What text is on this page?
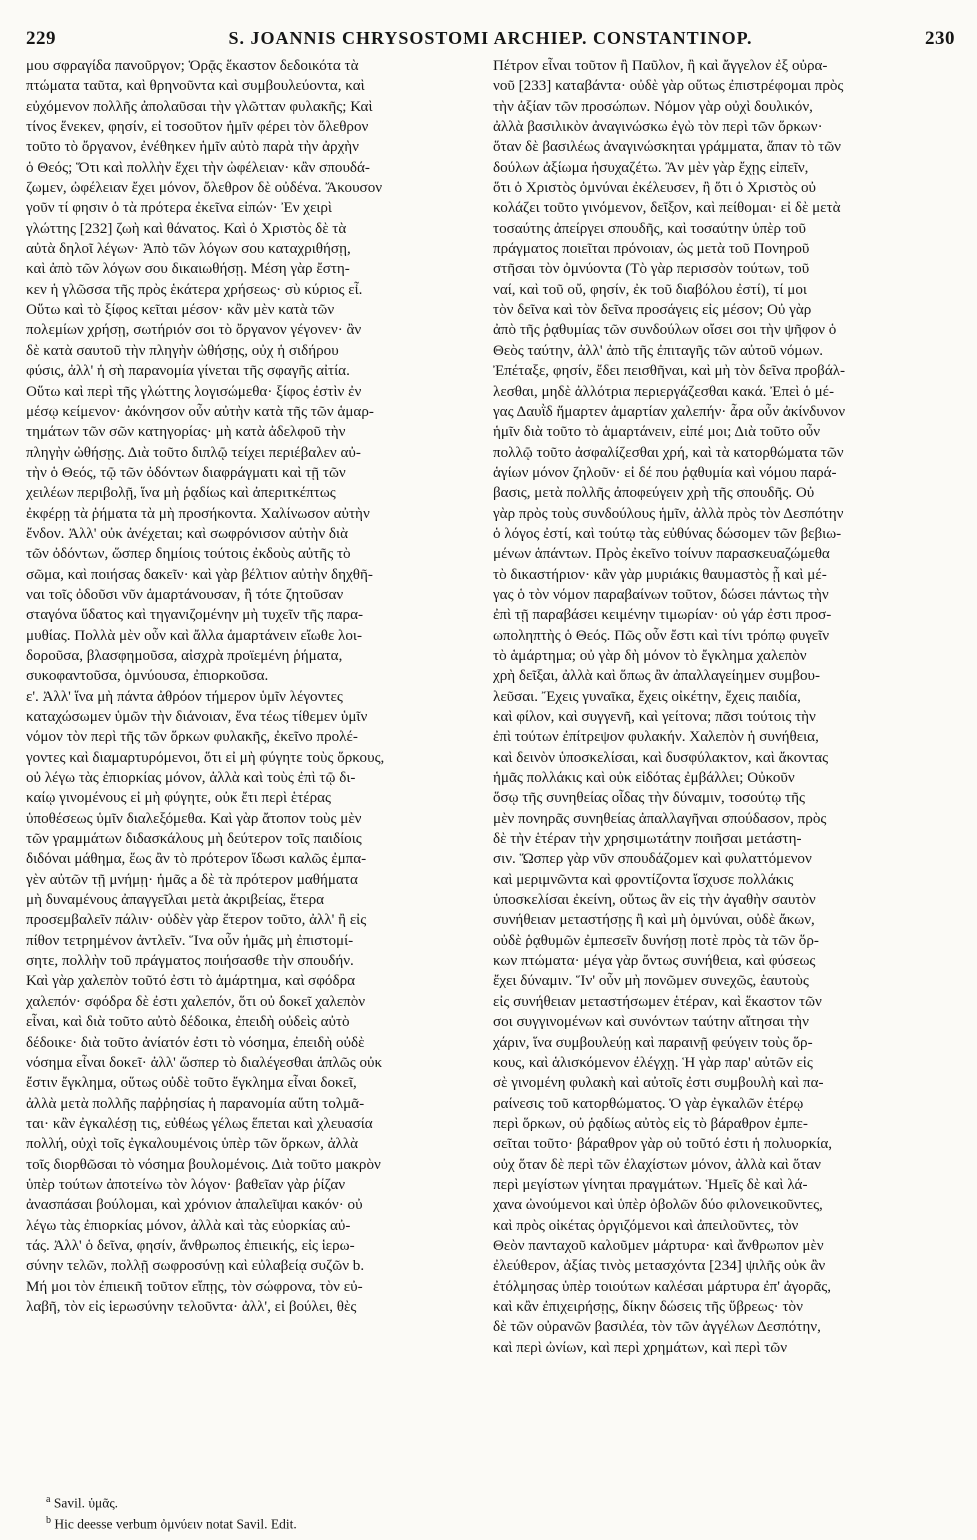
229	S. JOANNIS CHRYSOSTOMI ARCHIEP. CONSTANTINOP.	230
μου σφραγίδα πανοῦργον; Ὁρᾷς ἕκαστον δεδοικότα τὰ
πτώματα ταῦτα, καὶ θρηνοῦντα καὶ συμβουλεύοντα, καὶ
εὐχόμενον πολλῆς ἀπολαῦσαι τὴν γλῶτταν φυλακῆς; Καὶ
τίνος ἕνεκεν, φησίν, εἰ τοσοῦτον ἡμῖν φέρει τὸν ὄλεθρον
τοῦτο τὸ ὄργανον, ἐνέθηκεν ἡμῖν αὐτὸ παρὰ τὴν ἀρχὴν
ὁ Θεός; Ὅτι καὶ πολλὴν ἔχει τὴν ὠφέλειαν· κἂν σπουδά-
ζωμεν, ὠφέλειαν ἔχει μόνον, ὄλεθρον δὲ οὐδένα. Ἄκουσον
γοῦν τί φησιν ὁ τὰ πρότερα ἐκεῖνα εἰπών· Ἐν χειρὶ
γλώττης [232] ζωὴ καὶ θάνατος. Καὶ ὁ Χριστὸς δὲ τὰ
αὐτὰ δηλοῖ λέγων· Ἀπὸ τῶν λόγων σου καταχριθήσῃ,
καὶ ἀπὸ τῶν λόγων σου δικαιωθήσῃ. Μέση γὰρ ἔστη-
κεν ἡ γλῶσσα τῆς πρὸς ἑκάτερα χρήσεως· σὺ κύριος εἶ.
Οὕτω καὶ τὸ ξίφος κεῖται μέσον· κἂν μὲν κατὰ τῶν
πολεμίων χρήσῃ, σωτήριόν σοι τὸ ὄργανον γέγονεν· ἂν
δὲ κατὰ σαυτοῦ τὴν πληγὴν ὠθήσῃς, οὐχ ἡ σιδήρου
φύσις, ἀλλ' ἡ σὴ παρανομία γίνεται τῆς σφαγῆς αἰτία.
Οὕτω καὶ περὶ τῆς γλώττης λογισώμεθα· ξίφος ἐστὶν ἐν
μέσῳ κείμενον· ἀκόνησον οὖν αὐτὴν κατὰ τῆς τῶν ἁμαρ-
τημάτων τῶν σῶν κατηγορίας· μὴ κατὰ ἀδελφοῦ τὴν
πληγὴν ὠθήσῃς. Διὰ τοῦτο διπλῷ τείχει περιέβαλεν αὐ-
τὴν ὁ Θεός, τῷ τῶν ὀδόντων διαφράγματι καὶ τῇ τῶν
χειλέων περιβολῇ, ἵνα μὴ ῥᾳδίως καὶ ἀπεριτκέπτως
ἐκφέρῃ τὰ ῥήματα τὰ μὴ προσήκοντα. Χαλίνωσον αὐτὴν
ἔνδον. Ἀλλ' οὐκ ἀνέχεται; καὶ σωφρόνισον αὐτὴν διὰ
τῶν ὀδόντων, ὥσπερ δημίοις τούτοις ἐκδοὺς αὐτῆς τὸ
σῶμα, καὶ ποιήσας δακεῖν· καὶ γὰρ βέλτιον αὐτὴν δηχθῆ-
ναι τοῖς ὀδοῦσι νῦν ἁμαρτάνουσαν, ἢ τότε ζητοῦσαν
σταγόνα ὕδατος καὶ τηγανιζομένην μὴ τυχεῖν τῆς παρα-
μυθίας. Πολλὰ μὲν οὖν καὶ ἄλλα ἁμαρτάνειν εἴωθε λοι-
δοροῦσα, βλασφημοῦσα, αἰσχρὰ προϊεμένη ῥήματα,
συκοφαντοῦσα, ὀμνύουσα, ἐπιορκοῦσα.
ε'. Ἀλλ' ἵνα μὴ πάντα ἀθρόον τήμερον ὑμῖν λέγοντες
καταχώσωμεν ὑμῶν τὴν διάνοιαν, ἕνα τέως τίθεμεν ὑμῖν
νόμον τὸν περὶ τῆς τῶν ὅρκων φυλακῆς, ἐκεῖνο προλέ-
γοντες καὶ διαμαρτυρόμενοι, ὅτι εἰ μὴ φύγητε τοὺς ὅρκους,
οὐ λέγω τὰς ἐπιορκίας μόνον, ἀλλὰ καὶ τοὺς ἐπὶ τῷ δι-
καίῳ γινομένους εἰ μὴ φύγητε, οὐκ ἔτι περὶ ἑτέρας
ὑποθέσεως ὑμῖν διαλεξόμεθα. Καὶ γὰρ ἄτοπον τοὺς μὲν
τῶν γραμμάτων διδασκάλους μὴ δεύτερον τοῖς παιδίοις
διδόναι μάθημα, ἕως ἂν τὸ πρότερον ἴδωσι καλῶς ἐμπα-
γὲν αὐτῶν τῇ μνήμῃ· ἡμᾶς a δὲ τὰ πρότερον μαθήματα
μὴ δυναμένους ἀπαγγεῖλαι μετὰ ἀκριβείας, ἕτερα
προσεμβαλεῖν πάλιν· οὐδὲν γὰρ ἕτερον τοῦτο, ἀλλ' ἢ εἰς
πίθον τετρημένον ἀντλεῖν. Ἵνα οὖν ἡμᾶς μὴ ἐπιστομί-
σητε, πολλὴν τοῦ πράγματος ποιήσασθε τὴν σπουδήν.
Καὶ γὰρ χαλεπὸν τοῦτό ἐστι τὸ ἁμάρτημα, καὶ σφόδρα
χαλεπόν· σφόδρα δὲ ἐστι χαλεπόν, ὅτι οὐ δοκεῖ χαλεπὸν
εἶναι, καὶ διὰ τοῦτο αὐτὸ δέδοικα, ἐπειδὴ οὐδεὶς αὐτὸ
δέδοικε· διὰ τοῦτο ἀνίατόν ἐστι τὸ νόσημα, ἐπειδὴ οὐδὲ
νόσημα εἶναι δοκεῖ· ἀλλ' ὥσπερ τὸ διαλέγεσθαι ἁπλῶς οὐκ
ἔστιν ἔγκλημα, οὕτως οὐδὲ τοῦτο ἔγκλημα εἶναι δοκεῖ,
ἀλλὰ μετὰ πολλῆς παῤῥησίας ἡ παρανομία αὕτη τολμᾶ-
ται· κἂν ἐγκαλέσῃ τις, εὐθέως γέλως ἕπεται καὶ χλευασία
πολλή, οὐχὶ τοῖς ἐγκαλουμένοις ὑπὲρ τῶν ὅρκων, ἀλλὰ
τοῖς διορθῶσαι τὸ νόσημα βουλομένοις. Διὰ τοῦτο μακρὸν
ὑπὲρ τούτων ἀποτείνω τὸν λόγον· βαθεῖαν γὰρ ῥίζαν
ἀνασπάσαι βούλομαι, καὶ χρόνιον ἀπαλεῖψαι κακόν· οὐ
λέγω τὰς ἐπιορκίας μόνον, ἀλλὰ καὶ τὰς εὐορκίας αὐ-
τάς. Ἀλλ' ὁ δεῖνα, φησίν, ἄνθρωπος ἐπιεικής, εἰς ἱερω-
σύνην τελῶν, πολλῇ σωφροσύνῃ καὶ εὐλαβείᾳ συζῶν b.
Μή μοι τὸν ἐπιεικῆ τοῦτον εἴπῃς, τὸν σώφρονα, τὸν εὐ-
λαβῆ, τὸν εἰς ἱερωσύνην τελοῦντα· ἀλλ', εἰ βούλει, θὲς
Πέτρον εἶναι τοῦτον ἢ Παῦλον, ἢ καὶ ἄγγελον ἐξ οὐρα-
νοῦ [233] καταβάντα· οὐδὲ γὰρ οὕτως ἐπιστρέφομαι πρὸς
τὴν ἀξίαν τῶν προσώπων. Νόμον γὰρ οὐχὶ δουλικόν,
ἀλλὰ βασιλικὸν ἀναγινώσκω ἐγὼ τὸν περὶ τῶν ὅρκων·
ὅταν δὲ βασιλέως ἀναγινώσκηται γράμματα, ἅπαν τὸ τῶν
δούλων ἀξίωμα ἡσυχαζέτω. Ἂν μὲν γὰρ ἔχῃς εἰπεῖν,
ὅτι ὁ Χριστὸς ὀμνύναι ἐκέλευσεν, ἢ ὅτι ὁ Χριστὸς οὐ
κολάζει τοῦτο γινόμενον, δεῖξον, καὶ πείθομαι· εἰ δὲ μετὰ
τοσαύτης ἀπείργει σπουδῆς, καὶ τοσαύτην ὑπὲρ τοῦ
πράγματος ποιεῖται πρόνοιαν, ὡς μετὰ τοῦ Πονηροῦ
στῆσαι τὸν ὀμνύοντα (Τὸ γὰρ περισσὸν τούτων, τοῦ
ναί, καὶ τοῦ οὔ, φησίν, ἐκ τοῦ διαβόλου ἐστί), τί μοι
τὸν δεῖνα καὶ τὸν δεῖνα προσάγεις εἰς μέσον; Οὐ γὰρ
ἀπὸ τῆς ῥᾳθυμίας τῶν συνδούλων οἴσει σοι τὴν ψῆφον ὁ
Θεὸς ταύτην, ἀλλ' ἀπὸ τῆς ἐπιταγῆς τῶν αὐτοῦ νόμων.
Ἐπέταξε, φησίν, ἔδει πεισθῆναι, καὶ μὴ τὸν δεῖνα προβάλ-
λεσθαι, μηδὲ ἀλλότρια περιεργάζεσθαι κακά. Ἐπεὶ ὁ μέ-
γας Δαυῒδ ἥμαρτεν ἁμαρτίαν χαλεπήν· ἆρα οὖν ἀκίνδυνον
ἡμῖν διὰ τοῦτο τὸ ἁμαρτάνειν, εἰπέ μοι; Διὰ τοῦτο οὖν
πολλῷ τοῦτο ἀσφαλίζεσθαι χρή, καὶ τὰ κατορθώματα τῶν
ἁγίων μόνον ζηλοῦν· εἰ δέ που ῥᾳθυμία καὶ νόμου παρά-
βασις, μετὰ πολλῆς ἀποφεύγειν χρὴ τῆς σπουδῆς. Οὐ
γὰρ πρὸς τοὺς συνδούλους ἡμῖν, ἀλλὰ πρὸς τὸν Δεσπότην
ὁ λόγος ἐστί, καὶ τούτῳ τὰς εὐθύνας δώσομεν τῶν βεβιω-
μένων ἁπάντων. Πρὸς ἐκεῖνο τοίνυν παρασκευαζώμεθα
τὸ δικαστήριον· κἂν γὰρ μυριάκις θαυμαστὸς ᾖ καὶ μέ-
γας ὁ τὸν νόμον παραβαίνων τοῦτον, δώσει πάντως τὴν
ἐπὶ τῇ παραβάσει κειμένην τιμωρίαν· οὐ γάρ ἐστι προσ-
ωποληπτὴς ὁ Θεός. Πῶς οὖν ἔστι καὶ τίνι τρόπῳ φυγεῖν
τὸ ἁμάρτημα; οὐ γὰρ δὴ μόνον τὸ ἔγκλημα χαλεπὸν
χρὴ δεῖξαι, ἀλλὰ καὶ ὅπως ἂν ἀπαλλαγείημεν συμβου-
λεῦσαι. Ἔχεις γυναῖκα, ἔχεις οἰκέτην, ἔχεις παιδία,
καὶ φίλον, καὶ συγγενῆ, καὶ γείτονα; πᾶσι τούτοις τὴν
ἐπὶ τούτων ἐπίτρεψον φυλακήν. Χαλεπὸν ἡ συνήθεια,
καὶ δεινὸν ὑποσκελίσαι, καὶ δυσφύλακτον, καὶ ἄκοντας
ἡμᾶς πολλάκις καὶ οὐκ εἰδότας ἐμβάλλει; Οὐκοῦν
ὅσῳ τῆς συνηθείας οἶδας τὴν δύναμιν, τοσούτῳ τῆς
μὲν πονηρᾶς συνηθείας ἀπαλλαγῆναι σπούδασον, πρὸς
δὲ τὴν ἑτέραν τὴν χρησιμωτάτην ποιῆσαι μετάστη-
σιν. Ὥσπερ γὰρ νῦν σπουδάζομεν καὶ φυλαττόμενον
καὶ μεριμνῶντα καὶ φροντίζοντα ἴσχυσε πολλάκις
ὑποσκελίσαι ἐκείνη, οὕτως ἂν εἰς τὴν ἀγαθὴν σαυτὸν
συνήθειαν μεταστήσῃς ἢ καὶ μὴ ὀμνύναι, οὐδὲ ἄκων,
οὐδὲ ῥᾳθυμῶν ἐμπεσεῖν δυνήσῃ ποτὲ πρὸς τὰ τῶν ὅρ-
κων πτώματα· μέγα γὰρ ὄντως συνήθεια, καὶ φύσεως
ἔχει δύναμιν. Ἵν' οὖν μὴ πονῶμεν συνεχῶς, ἑαυτοὺς
εἰς συνήθειαν μεταστήσωμεν ἑτέραν, καὶ ἕκαστον τῶν
σοι συγγινομένων καὶ συνόντων ταύτην αἴτησαι τὴν
χάριν, ἵνα συμβουλεύῃ καὶ παραινῇ φεύγειν τοὺς ὅρ-
κους, καὶ ἁλισκόμενον ἐλέγχῃ. Ἡ γὰρ παρ' αὐτῶν εἰς
σὲ γινομένη φυλακὴ καὶ αὐτοῖς ἐστι συμβουλὴ καὶ πα-
ραίνεσις τοῦ κατορθώματος. Ὁ γὰρ ἐγκαλῶν ἑτέρῳ
περὶ ὅρκων, οὐ ῥᾳδίως αὐτὸς εἰς τὸ βάραθρον ἐμπε-
σεῖται τοῦτο· βάραθρον γὰρ οὐ τοῦτό ἐστι ἡ πολυορκία,
οὐχ ὅταν δὲ περὶ τῶν ἐλαχίστων μόνον, ἀλλὰ καὶ ὅταν
περὶ μεγίστων γίνηται πραγμάτων. Ἡμεῖς δὲ καὶ λά-
χανα ὠνούμενοι καὶ ὑπὲρ ὀβολῶν δύο φιλονεικοῦντες,
καὶ πρὸς οἰκέτας ὀργιζόμενοι καὶ ἀπειλοῦντες, τὸν
Θεὸν πανταχοῦ καλοῦμεν μάρτυρα· καὶ ἄνθρωπον μὲν
ἐλεύθερον, ἀξίας τινὸς μετασχόντα [234] ψιλῆς οὐκ ἂν
ἐτόλμησας ὑπὲρ τοιούτων καλέσαι μάρτυρα ἐπ' ἀγορᾶς,
καὶ κἂν ἐπιχειρήσῃς, δίκην δώσεις τῆς ὕβρεως· τὸν
δὲ τῶν οὐρανῶν βασιλέα, τὸν τῶν ἀγγέλων Δεσπότην,
καὶ περὶ ὠνίων, καὶ περὶ χρημάτων, καὶ περὶ τῶν
$^a$ Savil. ὑμᾶς.
$^b$ Hic deesse verbum ὀμνύειν notat Savil. Edit.
